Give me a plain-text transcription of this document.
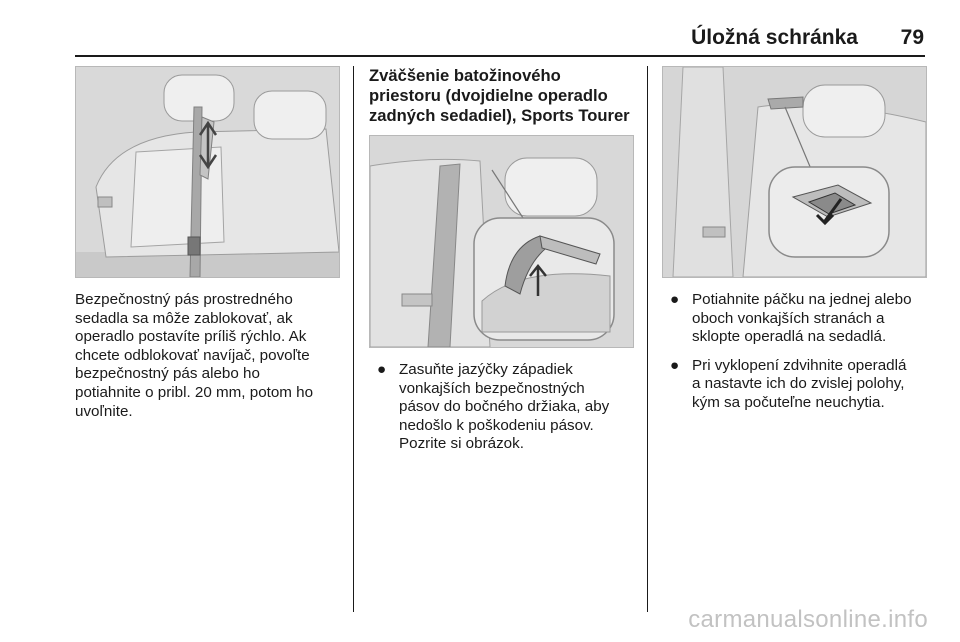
Úložná schránka 79

Bezpečnostný pás prostredného

sedadla sa môže zablokovať, ak

operadlo postavíte príliš rýchlo. Ak

chcete odblokovať navíjač, povoľte

bezpečnostný pás alebo ho

potiahnite o pribl. 20 mm, potom ho

uvoľnite.

Zväčšenie batožinového
priestoru (dvojdielne operadlo
zadných sedadiel), Sports Tourer
● Zasuňte jazýčky západiek
vonkajších bezpečnostných
pásov do bočného držiaka, aby
nedošlo k poškodeniu pásov.
Pozrite si obrázok.
● Potiahnite páčku na jednej alebo
oboch vonkajších stranách a
sklopte operadlá na sedadlá.
● Pri vyklopení zdvihnite operadlá
a nastavte ich do zvislej polohy,
kým sa počuteľne neuchytia.
carmanualsonline.info
